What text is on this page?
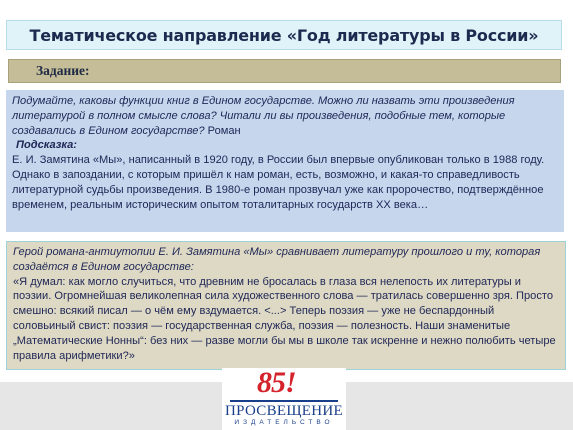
Тематическое направление «Год литературы в России»
Задание:

Подумайте, каковы функции книг в Едином государстве. Можно ли назвать эти произведения литературой в полном смысле слова? Читали ли вы произведения, подобные тем, которые создавались в Едином государстве? Роман

Подсказка:

Е. И. Замятина «Мы», написанный в 1920 году, в России был впервые опубликован только в 1988 году. Однако в запоздании, с которым пришёл к нам роман, есть, возможно, и какая-то справедливость литературной судьбы произведения. В 1980-е роман прозвучал уже как пророчество, подтверждённое временем, реальным историческим опытом тоталитарных государств XX века…

Герой романа-антиутопии Е. И. Замятина «Мы» сравнивает литературу прошлого и ту, которая создаётся в Едином государстве:

«Я думал: как могло случиться, что древним не бросалась в глаза вся нелепость их литературы и поэзии. Огромнейшая великолепная сила художественного слова — тратилась совершенно зря. Просто смешно: всякий писал — о чём ему вздумается. <...> Теперь поэзия — уже не беспардонный соловьиный свист: поэзия — государственная служба, поэзия — полезность. Наши знаменитые „Математические Нонны“: без них — разве могли бы мы в школе так искренне и нежно полюбить четыре правила арифметики?»

85!
ПРОСВЕЩЕНИЕ
ИЗДАТЕЛЬСТВО
